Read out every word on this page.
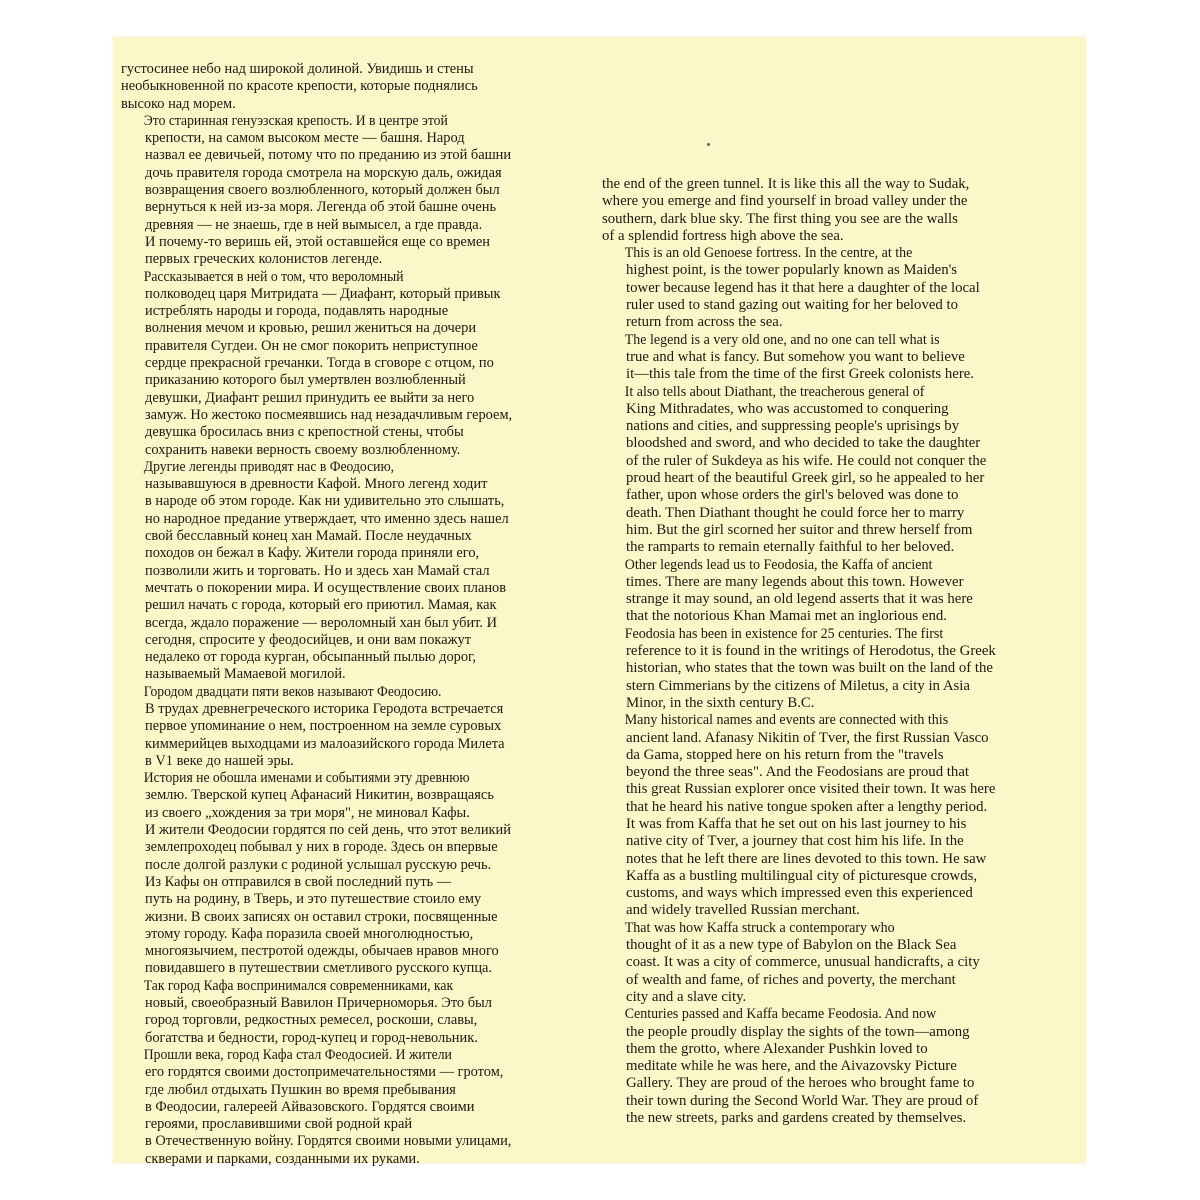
густосинее небо над широкой долиной. Увидишь и стены
необыкновенной по красоте крепости, которые поднялись
высоко над морем.

Это старинная генуэзская крепость. И в центре этой
крепости, на самом высоком месте — башня. Народ
назвал ее девичьей, потому что по преданию из этой башни
дочь правителя города смотрела на морскую даль, ожидая
возвращения своего возлюбленного, который должен был
вернуться к ней из-за моря. Легенда об этой башне очень
древняя — не знаешь, где в ней вымысел, а где правда.
И почему-то веришь ей, этой оставшейся еще со времен
первых греческих колонистов легенде.

Рассказывается в ней о том, что вероломный
полководец царя Митридата — Диафант, который привык
истреблять народы и города, подавлять народные
волнения мечом и кровью, решил жениться на дочери
правителя Сугдеи. Он не смог покорить неприступное
сердце прекрасной гречанки. Тогда в сговоре с отцом, по
приказанию которого был умертвлен возлюбленный
девушки, Диафант решил принудить ее выйти за него
замуж. Но жестоко посмеявшись над незадачливым героем,
девушка бросилась вниз с крепостной стены, чтобы
сохранить навеки верность своему возлюбленному.

Другие легенды приводят нас в Феодосию,
называвшуюся в древности Кафой. Много легенд ходит
в народе об этом городе. Как ни удивительно это слышать,
но народное предание утверждает, что именно здесь нашел
свой бесславный конец хан Мамай. После неудачных
походов он бежал в Кафу. Жители города приняли его,
позволили жить и торговать. Но и здесь хан Мамай стал
мечтать о покорении мира. И осуществление своих планов
решил начать с города, который его приютил. Мамая, как
всегда, ждало поражение — вероломный хан был убит. И
сегодня, спросите у феодосийцев, и они вам покажут
недалеко от города курган, обсыпанный пылью дорог,
называемый Мамаевой могилой.

Городом двадцати пяти веков называют Феодосию.
В трудах древнегреческого историка Геродота встречается
первое упоминание о нем, построенном на земле суровых
киммерийцев выходцами из малоазийского города Милета
в V1 веке до нашей эры.

История не обошла именами и событиями эту древнюю
землю. Тверской купец Афанасий Никитин, возвращаясь
из своего „хождения за три моря", не миновал Кафы.
И жители Феодосии гордятся по сей день, что этот великий
землепроходец побывал у них в городе. Здесь он впервые
после долгой разлуки с родиной услышал русскую речь.
Из Кафы он отправился в свой последний путь —
путь на родину, в Тверь, и это путешествие стоило ему
жизни. В своих записях он оставил строки, посвященные
этому городу. Кафа поразила своей многолюдностью,
многоязычием, пестротой одежды, обычаев нравов много
повидавшего в путешествии сметливого русского купца.

Так город Кафа воспринимался современниками, как
новый, своеобразный Вавилон Причерноморья. Это был
город торговли, редкостных ремесел, роскоши, славы,
богатства и бедности, город-купец и город-невольник.

Прошли века, город Кафа стал Феодосией. И жители
его гордятся своими достопримечательностями — гротом,
где любил отдыхать Пушкин во время пребывания
в Феодосии, галереей Айвазовского. Гордятся своими
героями, прославившими свой родной край
в Отечественную войну. Гордятся своими новыми улицами,
скверами и парками, созданными их руками.

the end of the green tunnel. It is like this all the way to Sudak,
where you emerge and find yourself in broad valley under the
southern, dark blue sky. The first thing you see are the walls
of a splendid fortress high above the sea.

This is an old Genoese fortress. In the centre, at the
highest point, is the tower popularly known as Maiden's
tower because legend has it that here a daughter of the local
ruler used to stand gazing out waiting for her beloved to
return from across the sea.

The legend is a very old one, and no one can tell what is
true and what is fancy. But somehow you want to believe
it—this tale from the time of the first Greek colonists here.

It also tells about Diathant, the treacherous general of
King Mithradates, who was accustomed to conquering
nations and cities, and suppressing people's uprisings by
bloodshed and sword, and who decided to take the daughter
of the ruler of Sukdeya as his wife. He could not conquer the
proud heart of the beautiful Greek girl, so he appealed to her
father, upon whose orders the girl's beloved was done to
death. Then Diathant thought he could force her to marry
him. But the girl scorned her suitor and threw herself from
the ramparts to remain eternally faithful to her beloved.

Other legends lead us to Feodosia, the Kaffa of ancient
times. There are many legends about this town. However
strange it may sound, an old legend asserts that it was here
that the notorious Khan Mamai met an inglorious end.

Feodosia has been in existence for 25 centuries. The first
reference to it is found in the writings of Herodotus, the Greek
historian, who states that the town was built on the land of the
stern Cimmerians by the citizens of Miletus, a city in Asia
Minor, in the sixth century B.C.

Many historical names and events are connected with this
ancient land. Afanasy Nikitin of Tver, the first Russian Vasco
da Gama, stopped here on his return from the "travels
beyond the three seas". And the Feodosians are proud that
this great Russian explorer once visited their town. It was here
that he heard his native tongue spoken after a lengthy period.
It was from Kaffa that he set out on his last journey to his
native city of Tver, a journey that cost him his life. In the
notes that he left there are lines devoted to this town. He saw
Kaffa as a bustling multilingual city of picturesque crowds,
customs, and ways which impressed even this experienced
and widely travelled Russian merchant.

That was how Kaffa struck a contemporary who
thought of it as a new type of Babylon on the Black Sea
coast. It was a city of commerce, unusual handicrafts, a city
of wealth and fame, of riches and poverty, the merchant
city and a slave city.

Centuries passed and Kaffa became Feodosia. And now
the people proudly display the sights of the town—among
them the grotto, where Alexander Pushkin loved to
meditate while he was here, and the Aivazovsky Picture
Gallery. They are proud of the heroes who brought fame to
their town during the Second World War. They are proud of
the new streets, parks and gardens created by themselves.
